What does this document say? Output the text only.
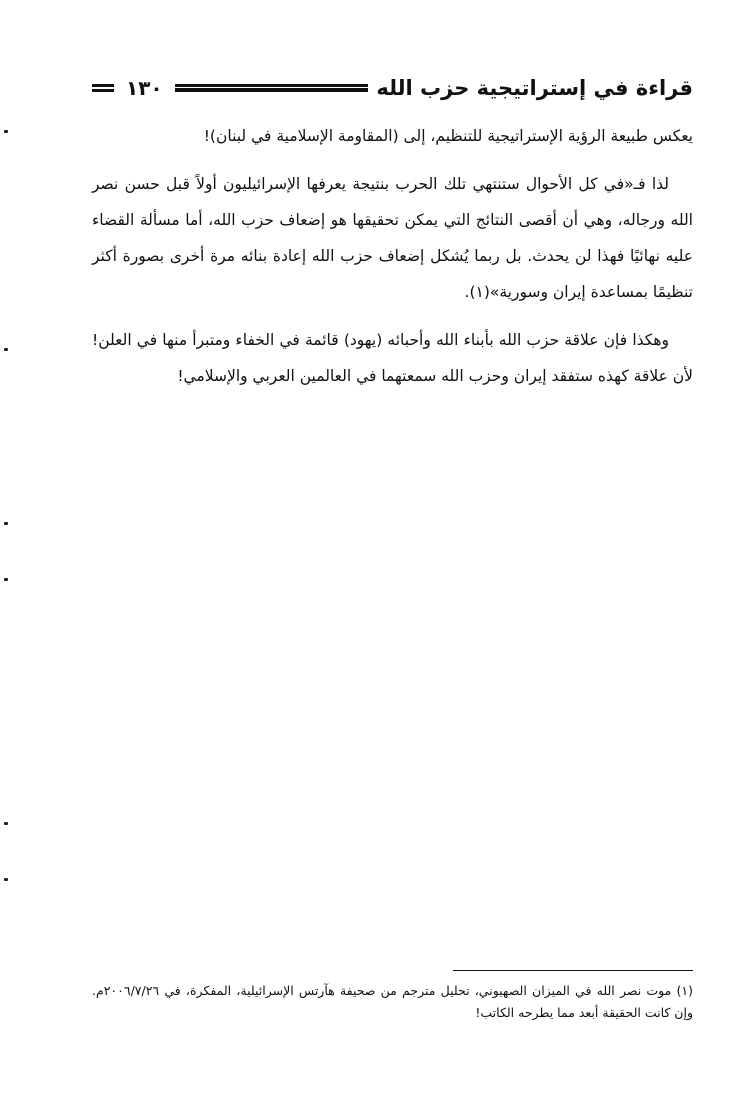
قراءة في إستراتيجية حزب الله
١٣٠

يعكس طبيعة الرؤية الإستراتيجية للتنظيم، إلى (المقاومة الإسلامية في لبنان)!

لذا فـ«في كل الأحوال ستنتهي تلك الحرب بنتيجة يعرفها الإسرائيليون أولاً قبل حسن نصر الله ورجاله، وهي أن أقصى النتائج التي يمكن تحقيقها هو إضعاف حزب الله، أما مسألة القضاء عليه نهائيًا فهذا لن يحدث. بل ربما يُشكل إضعاف حزب الله إعادة بنائه مرة أخرى بصورة أكثر تنظيمًا بمساعدة إيران وسورية»(١).

وهكذا فإن علاقة حزب الله بأبناء الله وأحبائه (يهود) قائمة في الخفاء ومتبرأ منها في العلن! لأن علاقة كهذه ستفقد إيران وحزب الله سمعتهما في العالمين العربي والإسلامي!

(١) موت نصر الله في الميزان الصهيوني، تحليل مترجم من صحيفة هآرتس الإسرائيلية، المفكرة، في ٢٠٠٦/٧/٢٦م. وإن كانت الحقيقة أبعد مما يطرحه الكاتب!
